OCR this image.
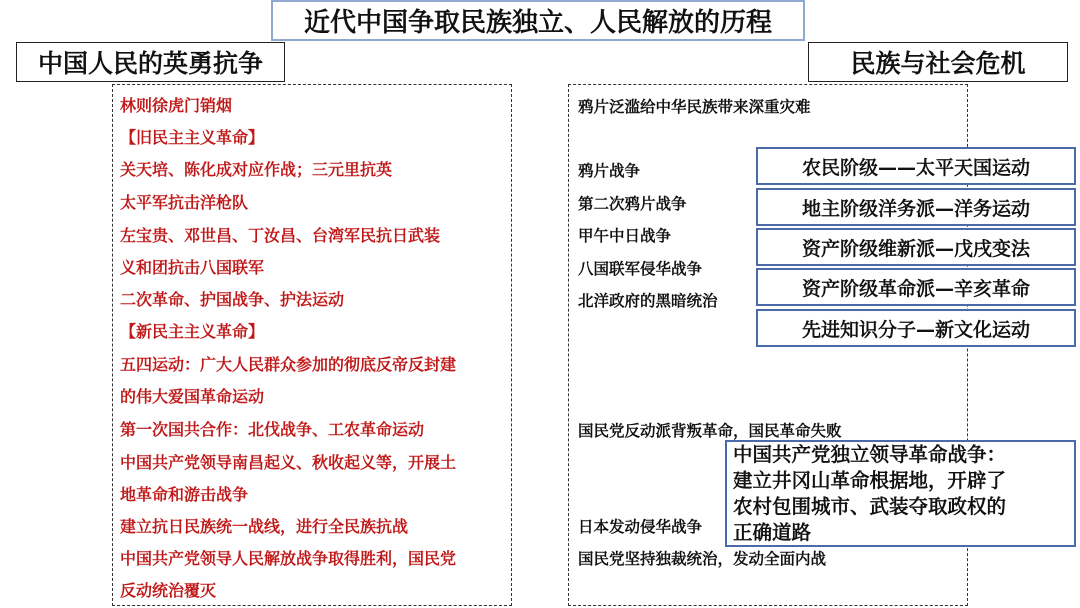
近代中国争取民族独立、人民解放的历程
中国人民的英勇抗争	民族与社会危机
林则徐虎门销烟
【旧民主主义革命】
关天培、陈化成对应作战；三元里抗英
太平军抗击洋枪队
左宝贵、邓世昌、丁汝昌、台湾军民抗日武装
义和团抗击八国联军
二次革命、护国战争、护法运动
【新民主主义革命】
五四运动：广大人民群众参加的彻底反帝反封建
的伟大爱国革命运动
第一次国共合作：北伐战争、工农革命运动
中国共产党领导南昌起义、秋收起义等，开展土
地革命和游击战争
建立抗日民族统一战线，进行全民族抗战
中国共产党领导人民解放战争取得胜利，国民党
反动统治覆灭
鸦片泛滥给中华民族带来深重灾难
鸦片战争
第二次鸦片战争
甲午中日战争
八国联军侵华战争
北洋政府的黑暗统治
国民党反动派背叛革命，国民革命失败
日本发动侵华战争
国民党坚持独裁统治，发动全面内战
农民阶级——太平天国运动
地主阶级洋务派—洋务运动
资产阶级维新派—戊戌变法
资产阶级革命派—辛亥革命
先进知识分子—新文化运动
中国共产党独立领导革命战争：
建立井冈山革命根据地，开辟了
农村包围城市、武装夺取政权的
正确道路
